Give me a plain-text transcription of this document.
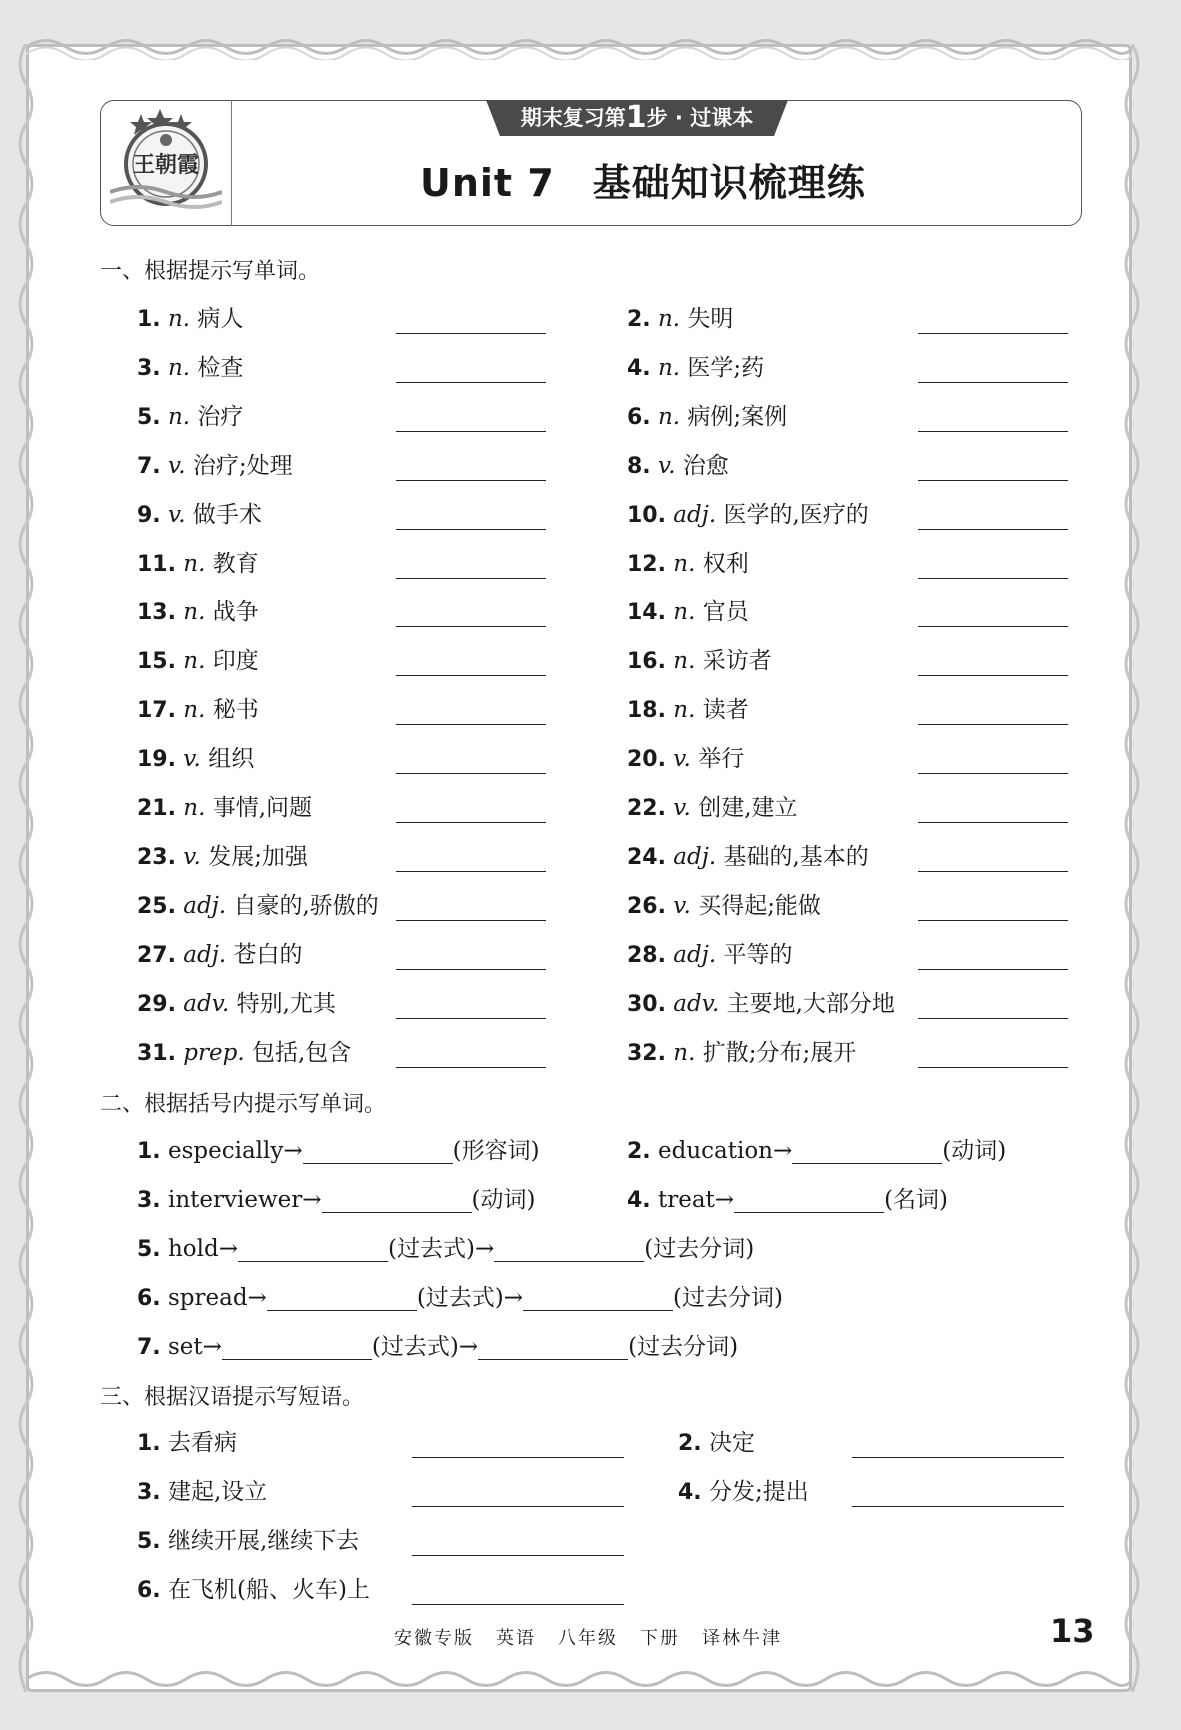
王朝霞
期末复习第1步 · 过课本
Unit 7 基础知识梳理练
一、根据提示写单词。
1. n. 病人	2. n. 失明
3. n. 检查	4. n. 医学;药
5. n. 治疗	6. n. 病例;案例
7. v. 治疗;处理	8. v. 治愈
9. v. 做手术	10. adj. 医学的,医疗的
11. n. 教育	12. n. 权利
13. n. 战争	14. n. 官员
15. n. 印度	16. n. 采访者
17. n. 秘书	18. n. 读者
19. v. 组织	20. v. 举行
21. n. 事情,问题	22. v. 创建,建立
23. v. 发展;加强	24. adj. 基础的,基本的
25. adj. 自豪的,骄傲的	26. v. 买得起;能做
27. adj. 苍白的	28. adj. 平等的
29. adv. 特别,尤其	30. adv. 主要地,大部分地
31. prep. 包括,包含	32. n. 扩散;分布;展开
二、根据括号内提示写单词。
1. especially→	(形容词)	2. education→	(动词)
3. interviewer→	(动词)	4. treat→	(名词)
5. hold→	(过去式)→	(过去分词)
6. spread→	(过去式)→	(过去分词)
7. set→	(过去式)→	(过去分词)
三、根据汉语提示写短语。
1. 去看病	2. 决定
3. 建起,设立	4. 分发;提出
5. 继续开展,继续下去
6. 在飞机(船、火车)上
安徽专版 英语 八年级 下册 译林牛津	13
